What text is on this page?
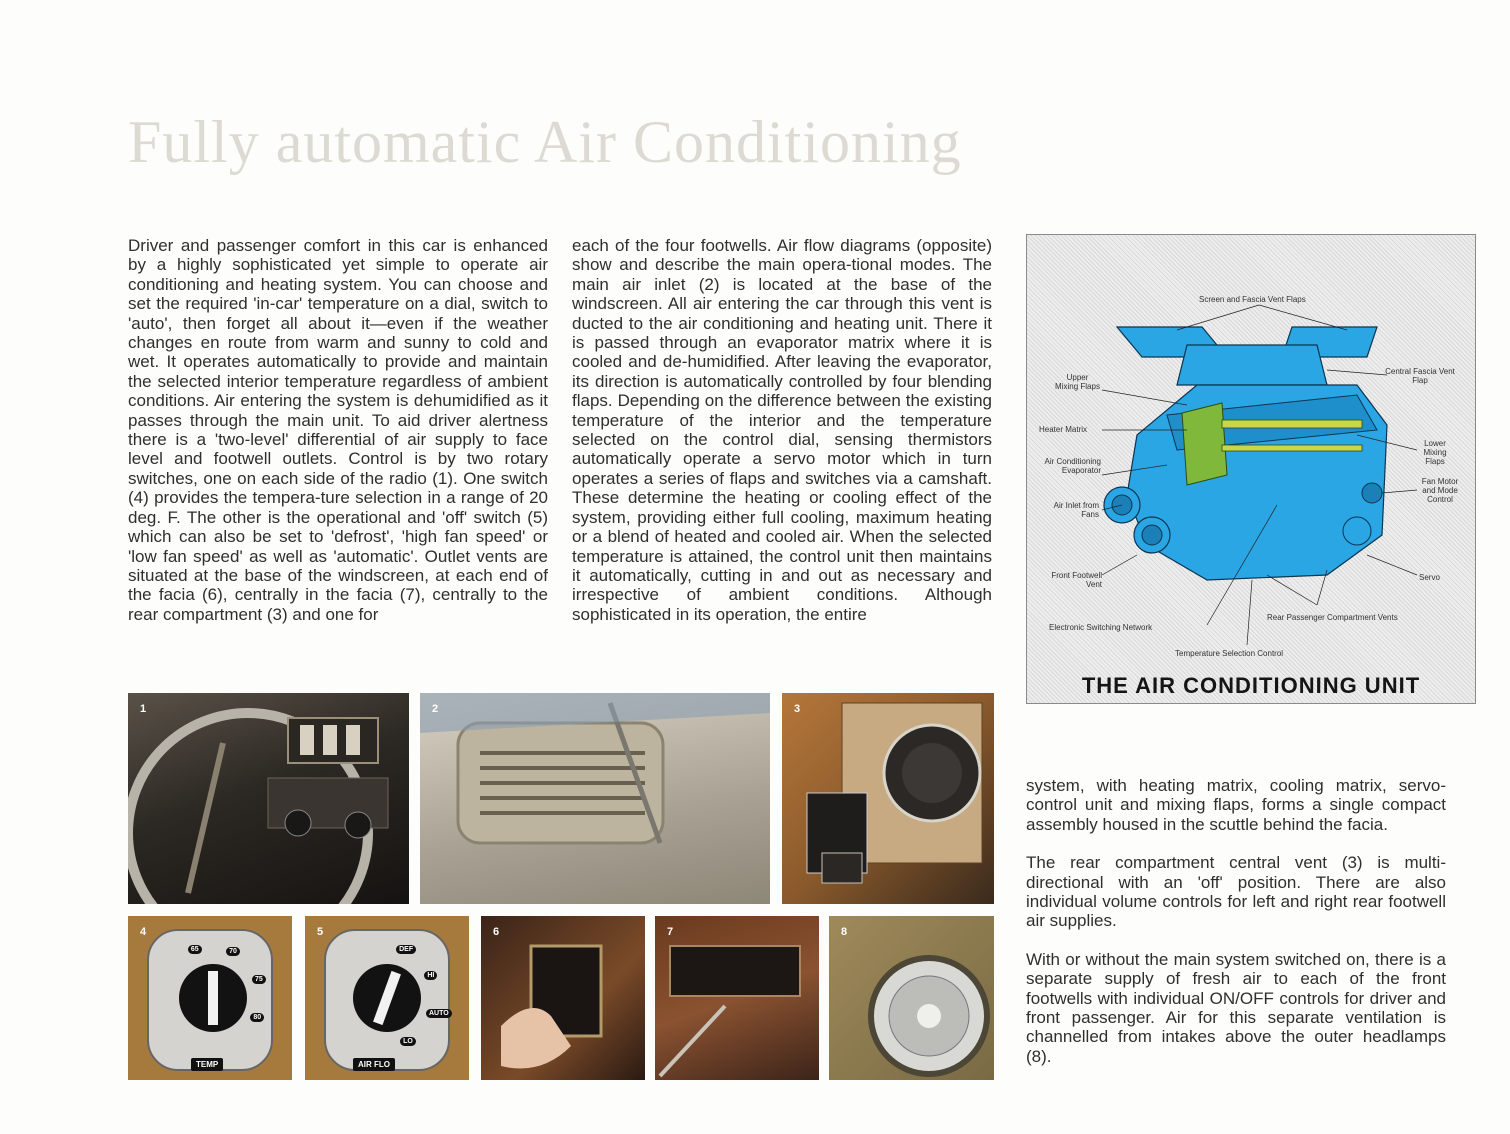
Fully automatic Air Conditioning

Driver and passenger comfort in this car is enhanced by a highly sophisticated yet simple to operate air conditioning and heating system. You can choose and set the required 'in-car' temperature on a dial, switch to 'auto', then forget all about it—even if the weather changes en route from warm and sunny to cold and wet. It operates automatically to provide and maintain the selected interior temperature regardless of ambient conditions. Air entering the system is dehumidified as it passes through the main unit. To aid driver alertness there is a 'two-level' differential of air supply to face level and footwell outlets. Control is by two rotary switches, one on each side of the radio (1). One switch (4) provides the tempera-ture selection in a range of 20 deg. F. The other is the operational and 'off' switch (5) which can also be set to 'defrost', 'high fan speed' or 'low fan speed' as well as 'automatic'. Outlet vents are situated at the base of the windscreen, at each end of the facia (6), centrally in the facia (7), centrally to the rear compartment (3) and one for

each of the four footwells. Air flow diagrams (opposite) show and describe the main opera-tional modes. The main air inlet (2) is located at the base of the windscreen. All air entering the car through this vent is ducted to the air conditioning and heating unit. There it is passed through an evaporator matrix where it is cooled and de-humidified. After leaving the evaporator, its direction is automatically controlled by four blending flaps. Depending on the difference between the existing temperature of the interior and the temperature selected on the control dial, sensing thermistors automatically operate a servo motor which in turn operates a series of flaps and switches via a camshaft. These determine the heating or cooling effect of the system, providing either full cooling, maximum heating or a blend of heated and cooled air. When the selected temperature is attained, the control unit then maintains it automatically, cutting in and out as necessary and irrespective of ambient conditions. Although sophisticated in its operation, the entire

system, with heating matrix, cooling matrix, servo-control unit and mixing flaps, forms a single compact assembly housed in the scuttle behind the facia.

The rear compartment central vent (3) is multi-directional with an 'off' position. There are also individual volume controls for left and right rear footwell air supplies.

With or without the main system switched on, there is a separate supply of fresh air to each of the front footwells with individual ON/OFF controls for driver and front passenger. Air for this separate ventilation is channelled from intakes above the outer headlamps (8).

Screen and Fascia Vent Flaps
Central Fascia Vent Flap
Upper Mixing Flaps
Heater Matrix
Lower Mixing Flaps
Air Conditioning Evaporator
Fan Motor and Mode Control
Air Inlet from Fans
Front Footwell Vent
Servo
Rear Passenger Compartment Vents
Electronic Switching Network
Temperature Selection Control
THE AIR CONDITIONING UNIT
1	2	3
TEMP
4
65	70
75
80
AIR FLO
5
DEF
HI
AUTO
LO
6	7	8
